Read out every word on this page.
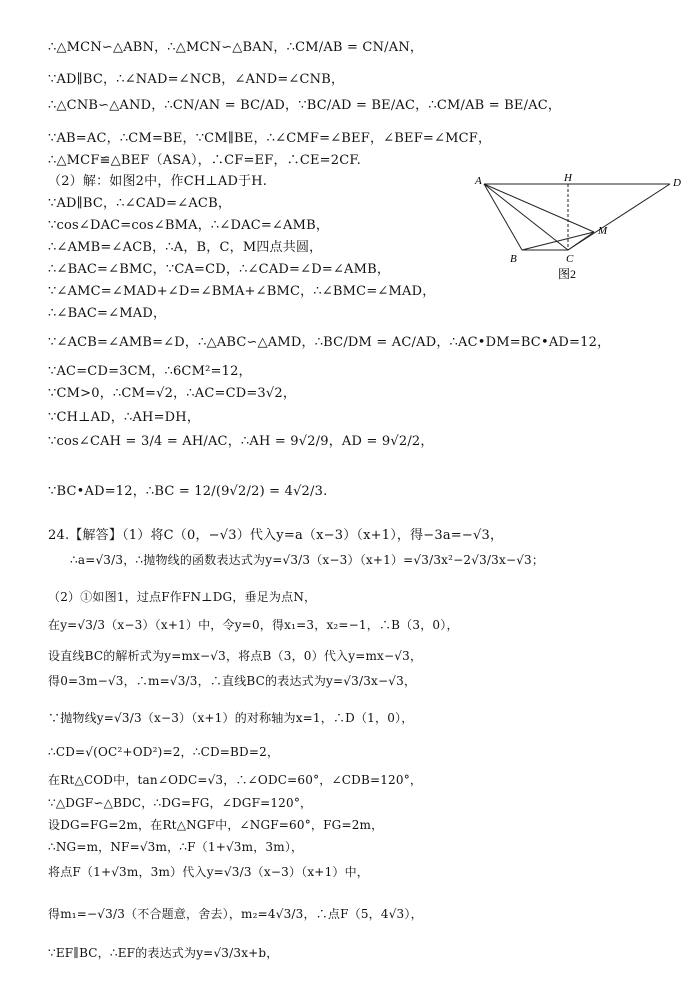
∴△MCN∽△ABN，∴△MCN∽△BAN，∴CM/AB = CN/AN，
∵AD∥BC，∴∠NAD=∠NCB，∠AND=∠CNB，
∴△CNB∽△AND，∴CN/AN = BC/AD，∵BC/AD = BE/AC，∴CM/AB = BE/AC，
∵AB=AC，∴CM=BE，∵CM∥BE，∴∠CMF=∠BEF，∠BEF=∠MCF，
∴△MCF≌△BEF（ASA），∴CF=EF，∴CE=2CF.
（2）解：如图2中，作CH⊥AD于H.
∵AD∥BC，∴∠CAD=∠ACB，
∵cos∠DAC=cos∠BMA，∴∠DAC=∠AMB，
∴∠AMB=∠ACB，∴A，B，C，M四点共圆，
∴∠BAC=∠BMC，∵CA=CD，∴∠CAD=∠D=∠AMB，
∵∠AMC=∠MAD+∠D=∠BMA+∠BMC，∴∠BMC=∠MAD，
∴∠BAC=∠MAD，
∵∠ACB=∠AMB=∠D，∴△ABC∽△AMD，∴BC/DM = AC/AD，∴AC•DM=BC•AD=12，
∵AC=CD=3CM，∴6CM²=12，
∵CM>0，∴CM=√2，∴AC=CD=3√2，
∵CH⊥AD，∴AH=DH，
∵cos∠CAH = 3/4 = AH/AC，∴AH = 9√2/9，AD = 9√2/2，
∵BC•AD=12，∴BC = 12/(9√2/2) = 4√2/3.
24.【解答】（1）将C（0，−√3）代入y=a（x−3）（x+1），得−3a=−√3，
∴a=√3/3，∴抛物线的函数表达式为y=√3/3（x−3）（x+1）=√3/3x²−2√3/3x−√3；
（2）①如图1，过点F作FN⊥DG，垂足为点N，
在y=√3/3（x−3）（x+1）中，令y=0，得x₁=3，x₂=−1，∴B（3，0），
设直线BC的解析式为y=mx−√3，将点B（3，0）代入y=mx−√3，
得0=3m−√3，∴m=√3/3，∴直线BC的表达式为y=√3/3x−√3，
∵抛物线y=√3/3（x−3）（x+1）的对称轴为x=1，∴D（1，0），
∴CD=√(OC²+OD²)=2，∴CD=BD=2，
在Rt△COD中，tan∠ODC=√3，∴∠ODC=60°，∠CDB=120°，
∵△DGF∽△BDC，∴DG=FG，∠DGF=120°，
设DG=FG=2m，在Rt△NGF中，∠NGF=60°，FG=2m，
∴NG=m，NF=√3m，∴F（1+√3m，3m），
将点F（1+√3m，3m）代入y=√3/3（x−3）（x+1）中，
得m₁=−√3/3（不合题意，舍去），m₂=4√3/3，∴点F（5，4√3），
∵EF∥BC，∴EF的表达式为y=√3/3x+b，
A	H	D
B	C
M
图2
